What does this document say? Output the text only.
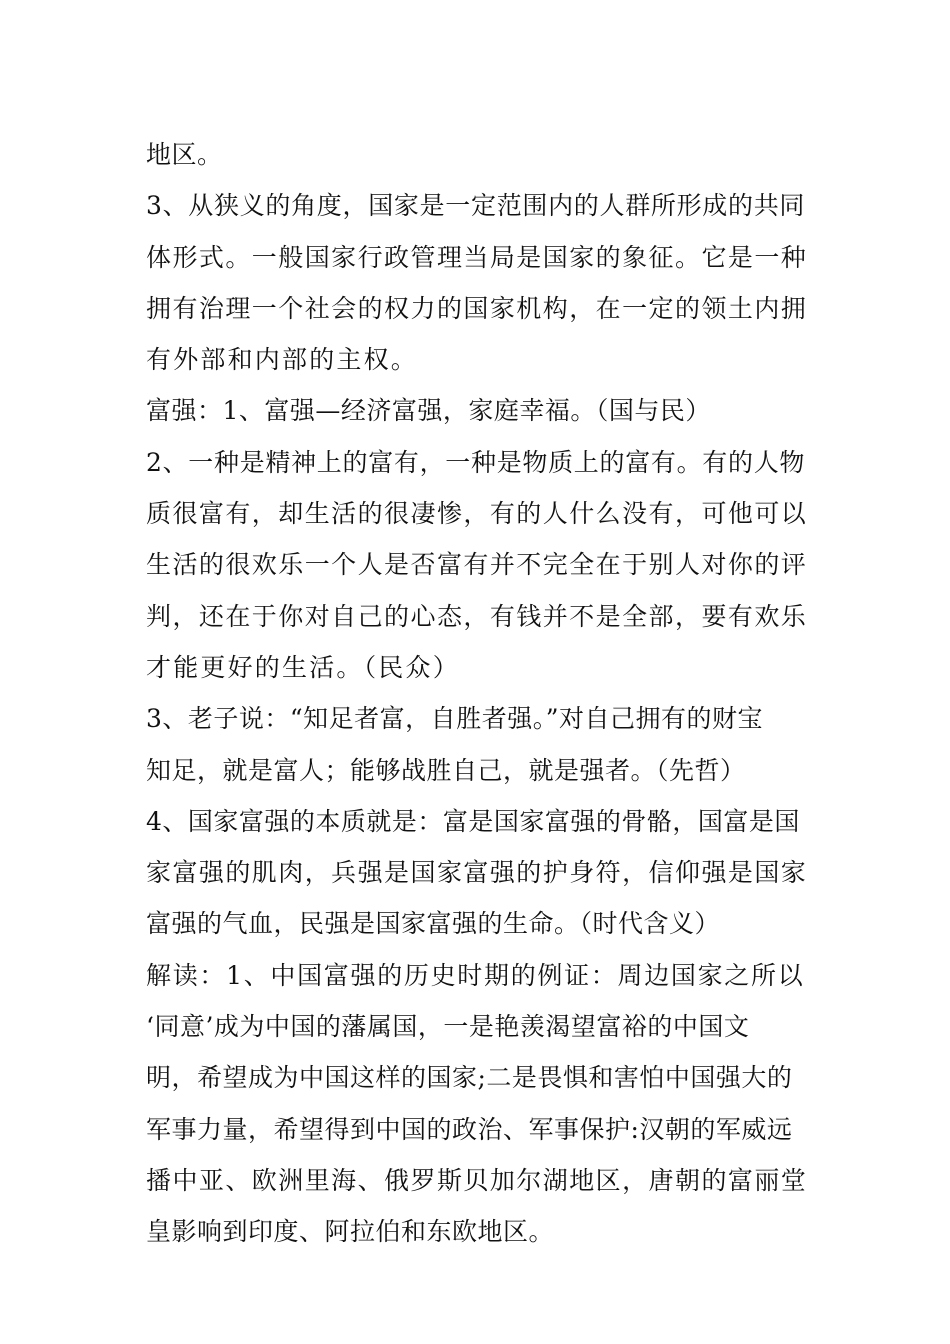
地区。
3、从狭义的角度，国家是一定范围内的人群所形成的共同
体形式。一般国家行政管理当局是国家的象征。它是一种
拥有治理一个社会的权力的国家机构，在一定的领土内拥
有外部和内部的主权。
富强：1、富强—经济富强，家庭幸福。（国与民）
2、一种是精神上的富有，一种是物质上的富有。有的人物
质很富有，却生活的很凄惨，有的人什么没有，可他可以
生活的很欢乐一个人是否富有并不完全在于别人对你的评
判，还在于你对自己的心态，有钱并不是全部，要有欢乐
才能更好的生活。（民众）
3、老子说：“知足者富，自胜者强。”对自己拥有的财宝
知足，就是富人；能够战胜自己，就是强者。（先哲）
4、国家富强的本质就是：富是国家富强的骨骼，国富是国
家富强的肌肉，兵强是国家富强的护身符，信仰强是国家
富强的气血，民强是国家富强的生命。（时代含义）
解读：1、中国富强的历史时期的例证：周边国家之所以
‘同意’成为中国的藩属国，一是艳羡渴望富裕的中国文
明，希望成为中国这样的国家;二是畏惧和害怕中国强大的
军事力量，希望得到中国的政治、军事保护:汉朝的军威远
播中亚、欧洲里海、俄罗斯贝加尔湖地区，唐朝的富丽堂
皇影响到印度、阿拉伯和东欧地区。
